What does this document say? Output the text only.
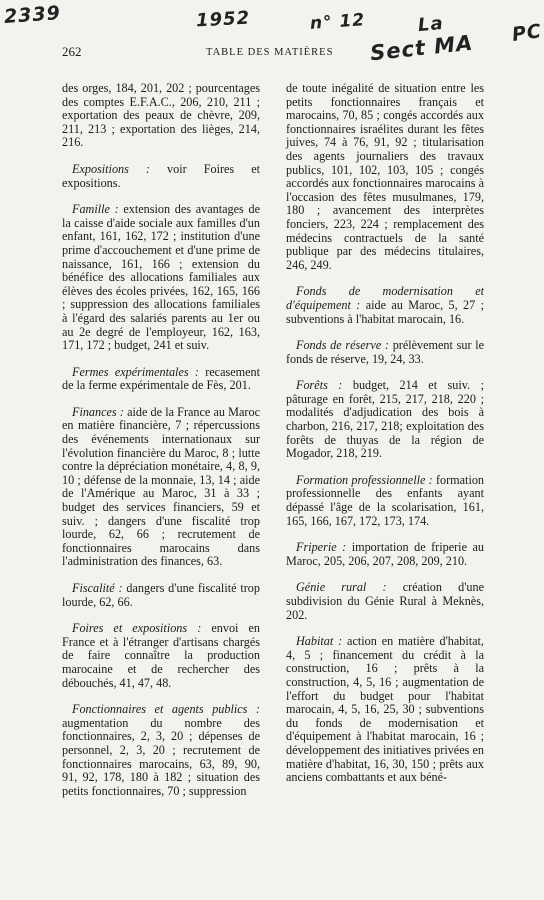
2339	1952	n° 12	La
Sect MA PC
262	TABLE DES MATIÈRES

des orges, 184, 201, 202 ; pourcentages des comptes E.F.A.C., 206, 210, 211 ; exportation des peaux de chèvre, 209, 211, 213 ; exportation des lièges, 214, 216.

Expositions : voir Foires et expositions.

Famille : extension des avantages de la caisse d'aide sociale aux familles d'un enfant, 161, 162, 172 ; institution d'une prime d'accouchement et d'une prime de naissance, 161, 166 ; extension du bénéfice des allocations familiales aux élèves des écoles privées, 162, 165, 166 ; suppression des allocations familiales à l'égard des salariés parents au 1er ou au 2e degré de l'employeur, 162, 163, 171, 172 ; budget, 241 et suiv.

Fermes expérimentales : recasement de la ferme expérimentale de Fès, 201.

Finances : aide de la France au Maroc en matière financière, 7 ; répercussions des événements internationaux sur l'évolution financière du Maroc, 8 ; lutte contre la dépréciation monétaire, 4, 8, 9, 10 ; défense de la monnaie, 13, 14 ; aide de l'Amérique au Maroc, 31 à 33 ; budget des services financiers, 59 et suiv. ; dangers d'une fiscalité trop lourde, 62, 66 ; recrutement de fonctionnaires marocains dans l'administration des finances, 63.

Fiscalité : dangers d'une fiscalité trop lourde, 62, 66.

Foires et expositions : envoi en France et à l'étranger d'artisans chargés de faire connaître la production marocaine et de rechercher des débouchés, 41, 47, 48.

Fonctionnaires et agents publics : augmentation du nombre des fonctionnaires, 2, 3, 20 ; dépenses de personnel, 2, 3, 20 ; recrutement de fonctionnaires marocains, 63, 89, 90, 91, 92, 178, 180 à 182 ; situation des petits fonctionnaires, 70 ; suppression

de toute inégalité de situation entre les petits fonctionnaires français et marocains, 70, 85 ; congés accordés aux fonctionnaires israélites durant les fêtes juives, 74 à 76, 91, 92 ; titularisation des agents journaliers des travaux publics, 101, 102, 103, 105 ; congés accordés aux fonctionnaires marocains à l'occasion des fêtes musulmanes, 179, 180 ; avancement des interprètes fonciers, 223, 224 ; remplacement des médecins contractuels de la santé publique par des médecins titulaires, 246, 249.

Fonds de modernisation et d'équipement : aide au Maroc, 5, 27 ; subventions à l'habitat marocain, 16.

Fonds de réserve : prélèvement sur le fonds de réserve, 19, 24, 33.

Forêts : budget, 214 et suiv. ; pâturage en forêt, 215, 217, 218, 220 ; modalités d'adjudication des bois à charbon, 216, 217, 218; exploitation des forêts de thuyas de la région de Mogador, 218, 219.

Formation professionnelle : formation professionnelle des enfants ayant dépassé l'âge de la scolarisation, 161, 165, 166, 167, 172, 173, 174.

Friperie : importation de friperie au Maroc, 205, 206, 207, 208, 209, 210.

Génie rural : création d'une subdivision du Génie Rural à Meknès, 202.

Habitat : action en matière d'habitat, 4, 5 ; financement du crédit à la construction, 16 ; prêts à la construction, 4, 5, 16 ; augmentation de l'effort du budget pour l'habitat marocain, 4, 5, 16, 25, 30 ; subventions du fonds de modernisation et d'équipement à l'habitat marocain, 16 ; développement des initiatives privées en matière d'habitat, 16, 30, 150 ; prêts aux anciens combattants et aux béné-
